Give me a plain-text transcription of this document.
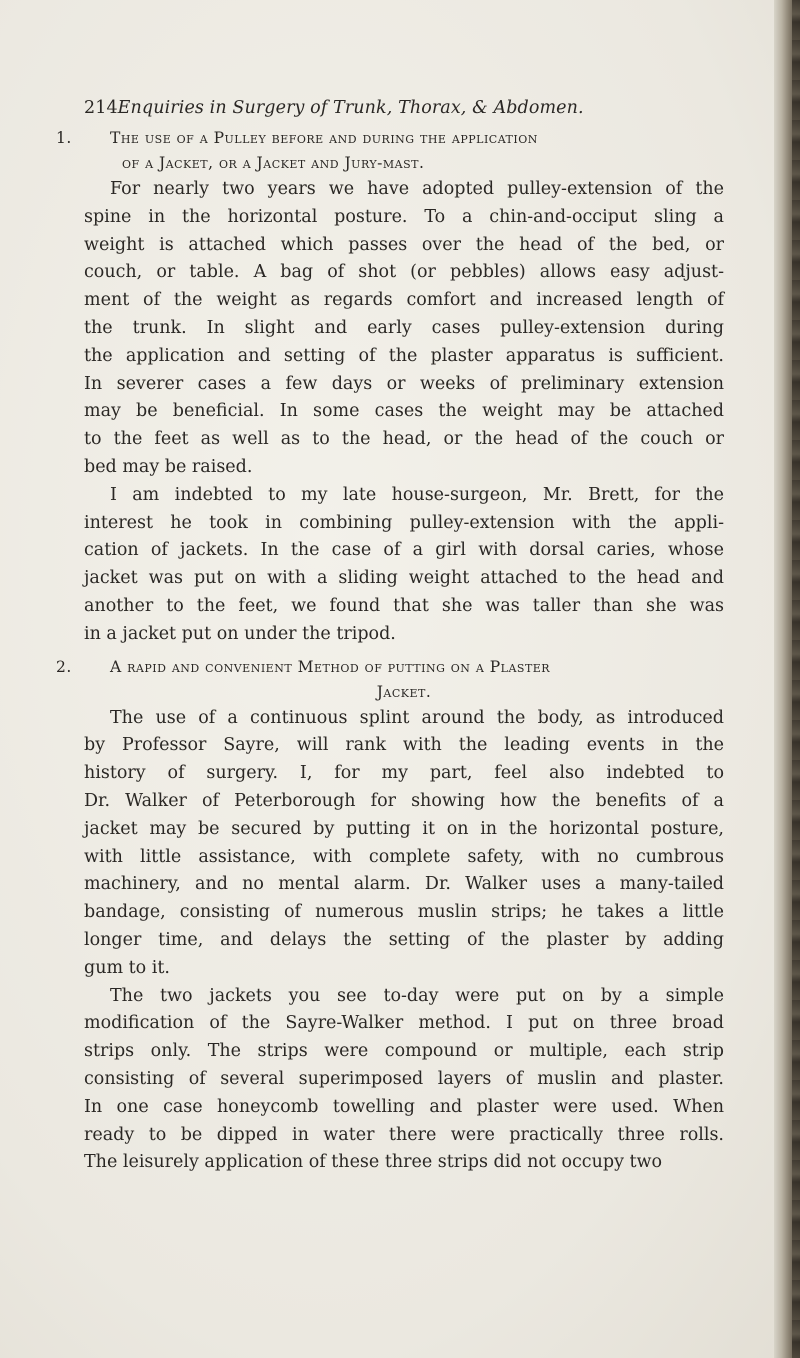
214 Enquiries in Surgery of Trunk, Thorax, & Abdomen.
1. The use of a Pulley before and during the application
of a Jacket, or a Jacket and Jury-mast.
For nearly two years we have adopted pulley-extension of the
spine in the horizontal posture. To a chin-and-occiput sling a
weight is attached which passes over the head of the bed, or
couch, or table. A bag of shot (or pebbles) allows easy adjust-
ment of the weight as regards comfort and increased length of
the trunk. In slight and early cases pulley-extension during
the application and setting of the plaster apparatus is sufficient.
In severer cases a few days or weeks of preliminary extension
may be beneficial. In some cases the weight may be attached
to the feet as well as to the head, or the head of the couch or
bed may be raised.
I am indebted to my late house-surgeon, Mr. Brett, for the
interest he took in combining pulley-extension with the appli-
cation of jackets. In the case of a girl with dorsal caries, whose
jacket was put on with a sliding weight attached to the head and
another to the feet, we found that she was taller than she was
in a jacket put on under the tripod.
2. A rapid and convenient Method of putting on a Plaster
Jacket.
The use of a continuous splint around the body, as introduced
by Professor Sayre, will rank with the leading events in the
history of surgery. I, for my part, feel also indebted to
Dr. Walker of Peterborough for showing how the benefits of a
jacket may be secured by putting it on in the horizontal posture,
with little assistance, with complete safety, with no cumbrous
machinery, and no mental alarm. Dr. Walker uses a many-tailed
bandage, consisting of numerous muslin strips; he takes a little
longer time, and delays the setting of the plaster by adding
gum to it.
The two jackets you see to-day were put on by a simple
modification of the Sayre-Walker method. I put on three broad
strips only. The strips were compound or multiple, each strip
consisting of several superimposed layers of muslin and plaster.
In one case honeycomb towelling and plaster were used. When
ready to be dipped in water there were practically three rolls.
The leisurely application of these three strips did not occupy two
